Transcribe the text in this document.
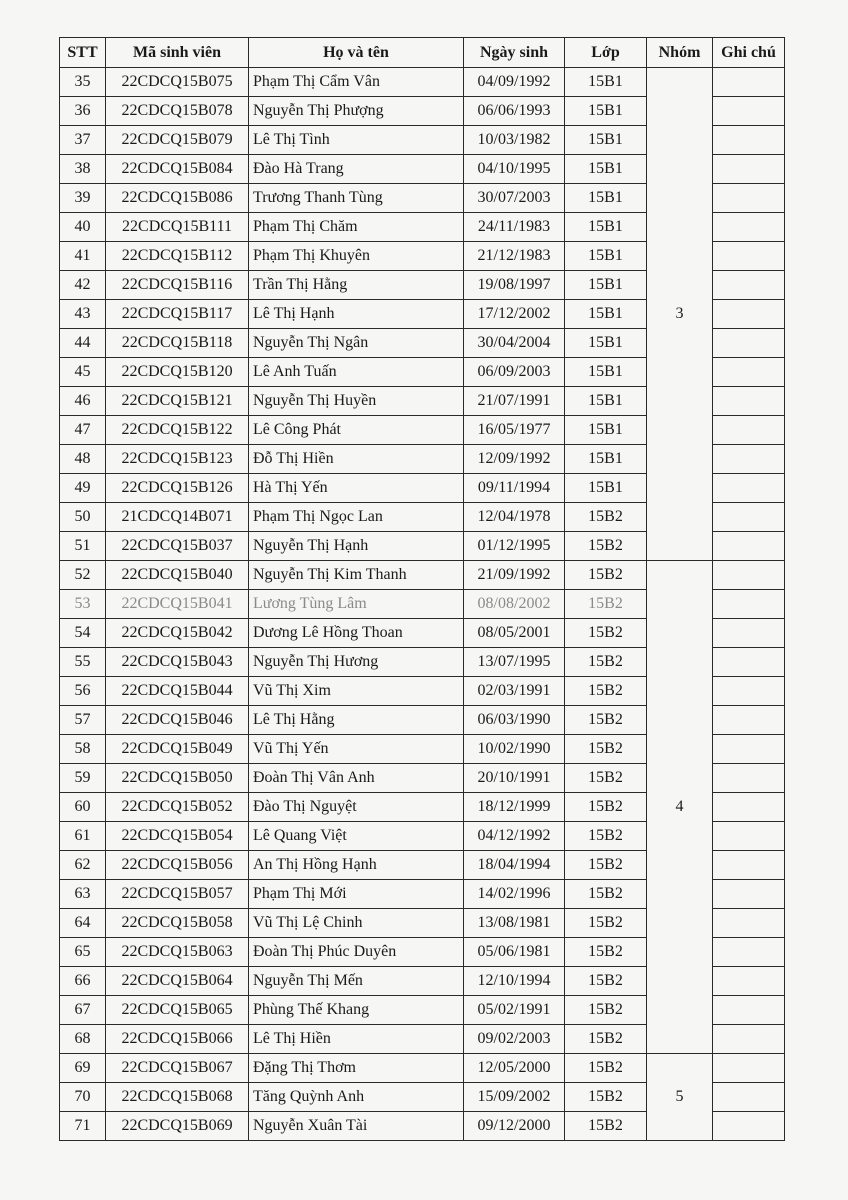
STT	Mã sinh viên	Họ và tên	Ngày sinh	Lớp	Nhóm	Ghi chú
35	22CDCQ15B075	Phạm Thị Cẩm Vân	04/09/1992	15B1	3	
36	22CDCQ15B078	Nguyễn Thị Phượng	06/06/1993	15B1		
37	22CDCQ15B079	Lê Thị Tình	10/03/1982	15B1		
38	22CDCQ15B084	Đào Hà Trang	04/10/1995	15B1		
39	22CDCQ15B086	Trương Thanh Tùng	30/07/2003	15B1		
40	22CDCQ15B111	Phạm Thị Chăm	24/11/1983	15B1		
41	22CDCQ15B112	Phạm Thị Khuyên	21/12/1983	15B1		
42	22CDCQ15B116	Trần Thị Hằng	19/08/1997	15B1		
43	22CDCQ15B117	Lê Thị Hạnh	17/12/2002	15B1		
44	22CDCQ15B118	Nguyễn Thị Ngân	30/04/2004	15B1		
45	22CDCQ15B120	Lê Anh Tuấn	06/09/2003	15B1		
46	22CDCQ15B121	Nguyễn Thị Huyền	21/07/1991	15B1		
47	22CDCQ15B122	Lê Công Phát	16/05/1977	15B1		
48	22CDCQ15B123	Đỗ Thị Hiền	12/09/1992	15B1		
49	22CDCQ15B126	Hà Thị Yến	09/11/1994	15B1		
50	21CDCQ14B071	Phạm Thị Ngọc Lan	12/04/1978	15B2		
51	22CDCQ15B037	Nguyễn Thị Hạnh	01/12/1995	15B2		
52	22CDCQ15B040	Nguyễn Thị Kim Thanh	21/09/1992	15B2	4	
53	22CDCQ15B041	Lương Tùng Lâm	08/08/2002	15B2		
54	22CDCQ15B042	Dương Lê Hồng Thoan	08/05/2001	15B2		
55	22CDCQ15B043	Nguyễn Thị Hương	13/07/1995	15B2		
56	22CDCQ15B044	Vũ Thị Xim	02/03/1991	15B2		
57	22CDCQ15B046	Lê Thị Hằng	06/03/1990	15B2		
58	22CDCQ15B049	Vũ Thị Yến	10/02/1990	15B2		
59	22CDCQ15B050	Đoàn Thị Vân Anh	20/10/1991	15B2		
60	22CDCQ15B052	Đào Thị Nguyệt	18/12/1999	15B2		
61	22CDCQ15B054	Lê Quang Việt	04/12/1992	15B2		
62	22CDCQ15B056	An Thị Hồng Hạnh	18/04/1994	15B2		
63	22CDCQ15B057	Phạm Thị Mới	14/02/1996	15B2		
64	22CDCQ15B058	Vũ Thị Lệ Chinh	13/08/1981	15B2		
65	22CDCQ15B063	Đoàn Thị Phúc Duyên	05/06/1981	15B2		
66	22CDCQ15B064	Nguyễn Thị Mến	12/10/1994	15B2		
67	22CDCQ15B065	Phùng Thế Khang	05/02/1991	15B2		
68	22CDCQ15B066	Lê Thị Hiền	09/02/2003	15B2		
69	22CDCQ15B067	Đặng Thị Thơm	12/05/2000	15B2	5	
70	22CDCQ15B068	Tăng Quỳnh Anh	15/09/2002	15B2		
71	22CDCQ15B069	Nguyễn Xuân Tài	09/12/2000	15B2		
